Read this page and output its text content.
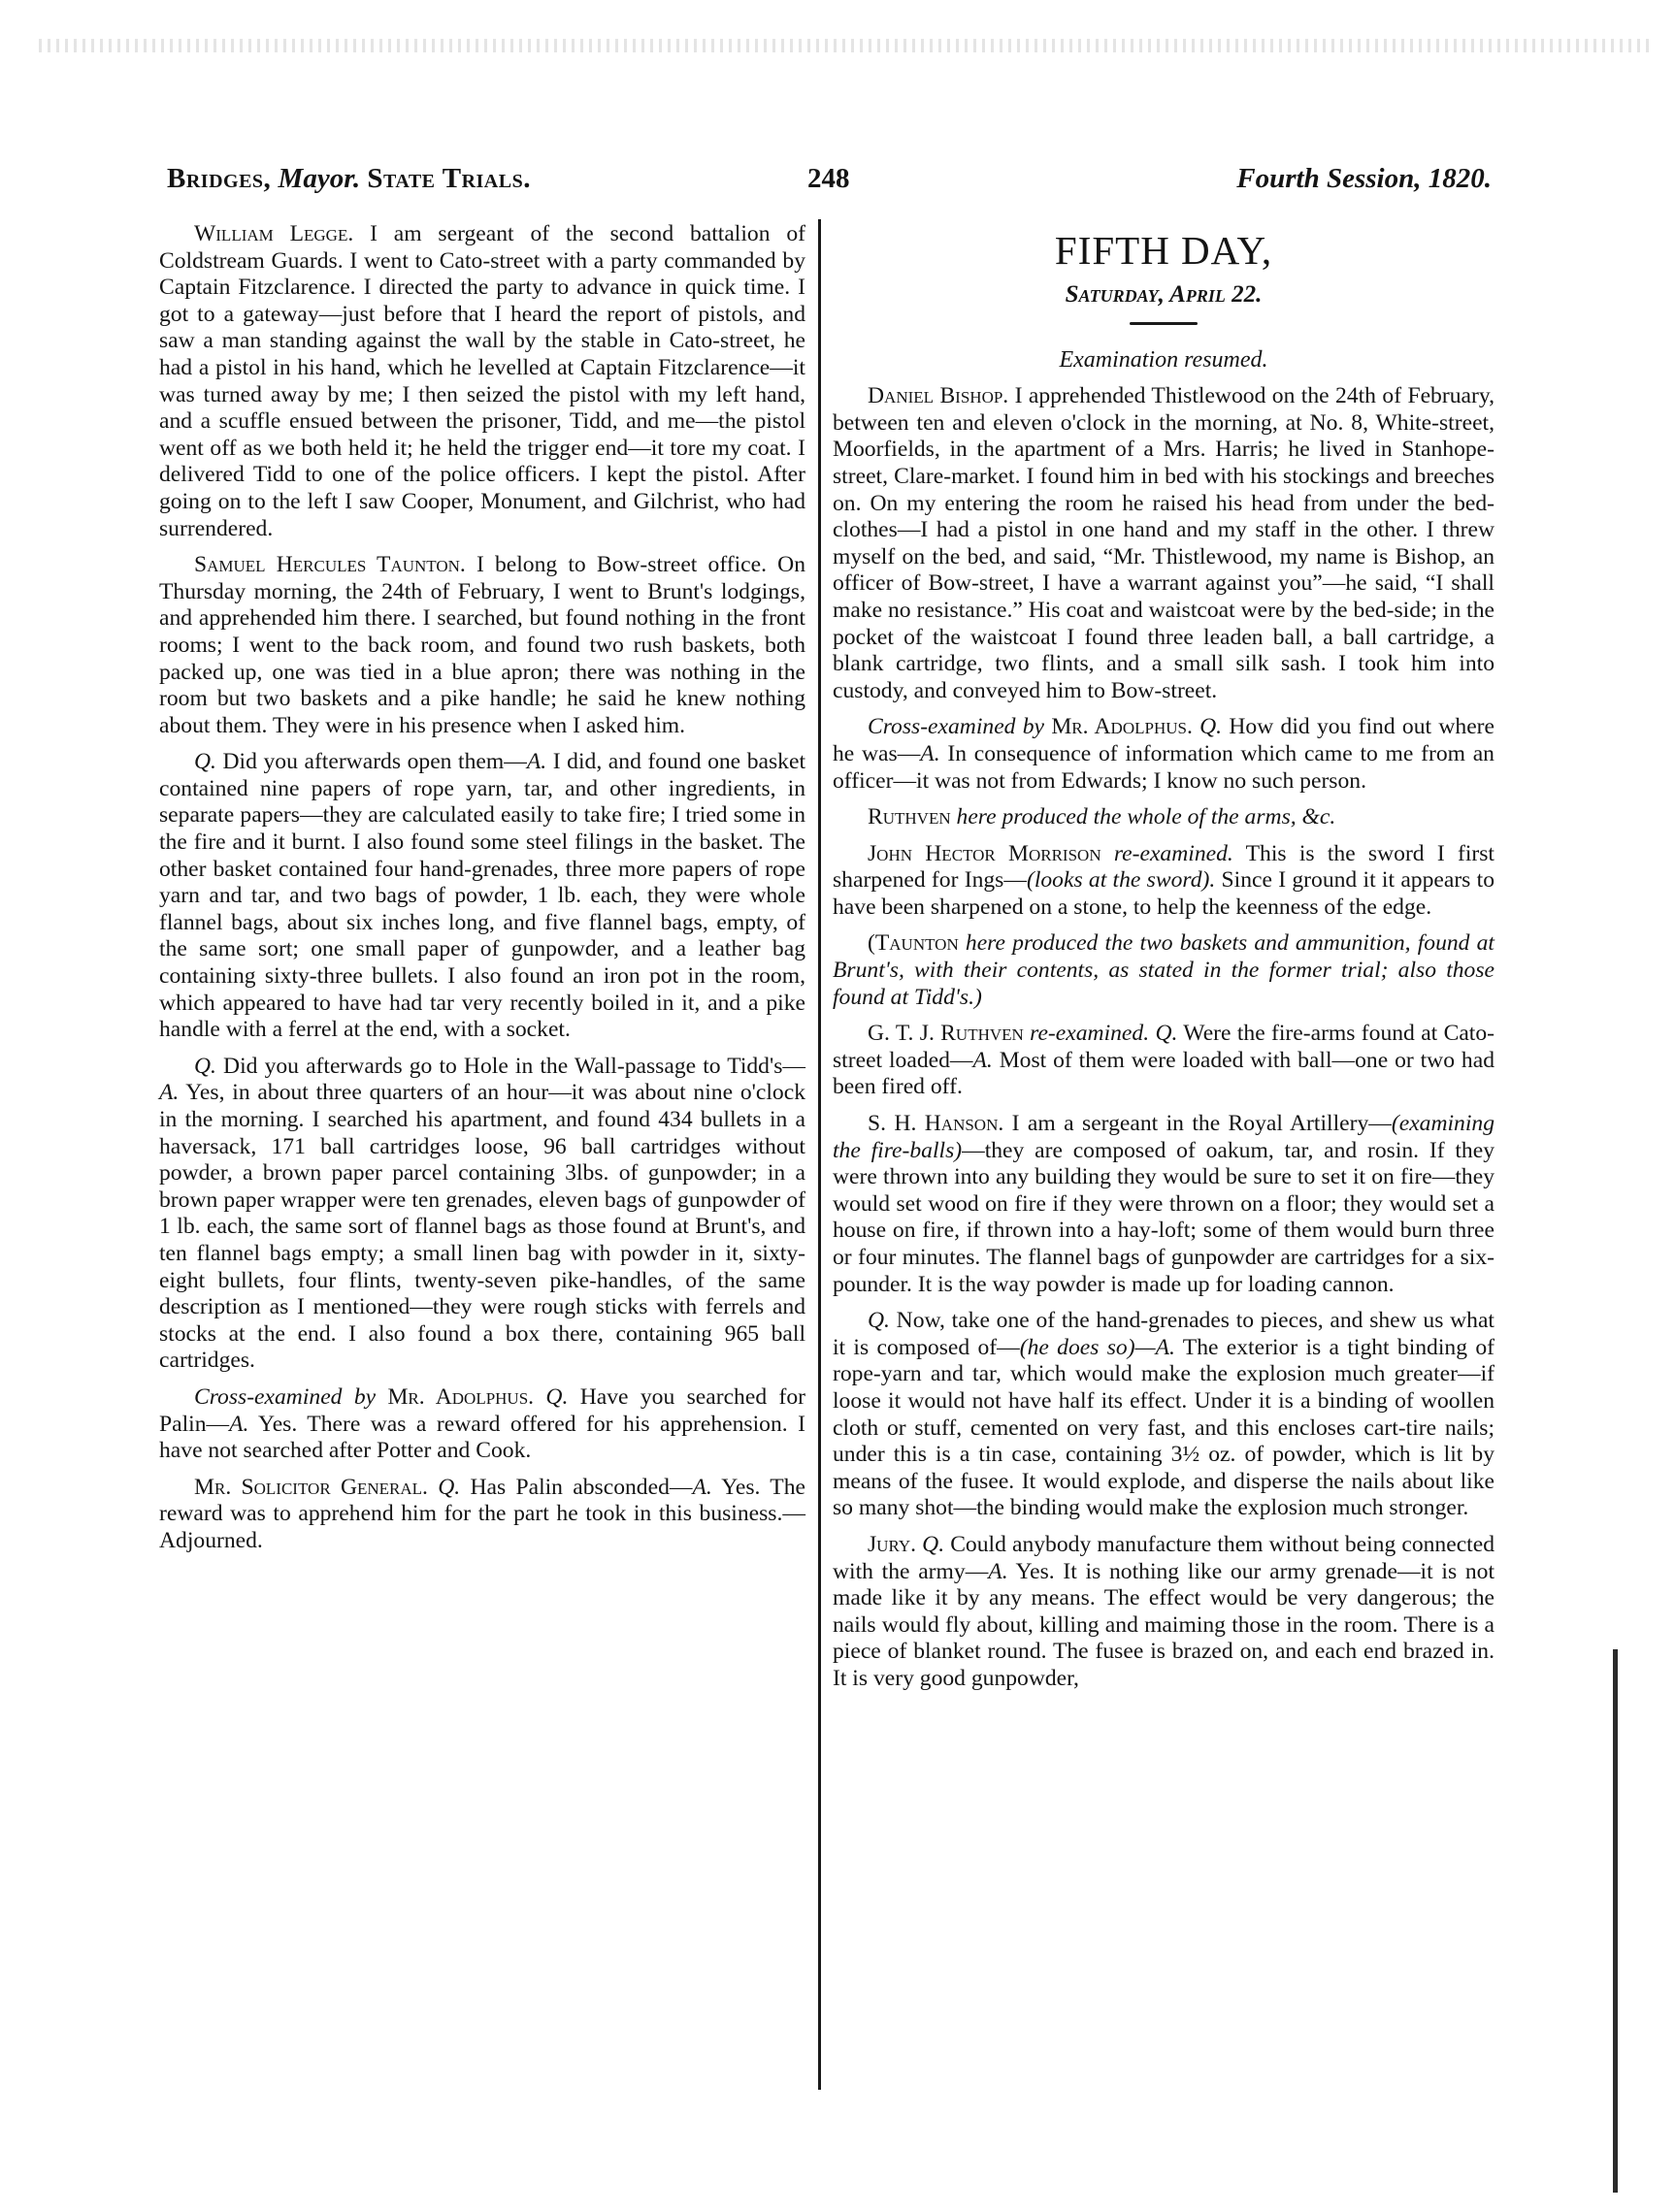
Bridges, Mayor. State Trials.	248	Fourth Session, 1820.

William Legge. I am sergeant of the second battalion of Coldstream Guards. I went to Cato-street with a party commanded by Captain Fitzclarence. I directed the party to advance in quick time. I got to a gateway—just before that I heard the report of pistols, and saw a man standing against the wall by the stable in Cato-street, he had a pistol in his hand, which he levelled at Captain Fitzclarence—it was turned away by me; I then seized the pistol with my left hand, and a scuffle ensued between the prisoner, Tidd, and me—the pistol went off as we both held it; he held the trigger end—it tore my coat. I delivered Tidd to one of the police officers. I kept the pistol. After going on to the left I saw Cooper, Monument, and Gilchrist, who had surrendered.

Samuel Hercules Taunton. I belong to Bow-street office. On Thursday morning, the 24th of February, I went to Brunt's lodgings, and apprehended him there. I searched, but found nothing in the front rooms; I went to the back room, and found two rush baskets, both packed up, one was tied in a blue apron; there was nothing in the room but two baskets and a pike handle; he said he knew nothing about them. They were in his presence when I asked him.

Q. Did you afterwards open them—A. I did, and found one basket contained nine papers of rope yarn, tar, and other ingredients, in separate papers—they are calculated easily to take fire; I tried some in the fire and it burnt. I also found some steel filings in the basket. The other basket contained four hand-grenades, three more papers of rope yarn and tar, and two bags of powder, 1 lb. each, they were whole flannel bags, about six inches long, and five flannel bags, empty, of the same sort; one small paper of gunpowder, and a leather bag containing sixty-three bullets. I also found an iron pot in the room, which appeared to have had tar very recently boiled in it, and a pike handle with a ferrel at the end, with a socket.

Q. Did you afterwards go to Hole in the Wall-passage to Tidd's—A. Yes, in about three quarters of an hour—it was about nine o'clock in the morning. I searched his apartment, and found 434 bullets in a haversack, 171 ball cartridges loose, 96 ball cartridges without powder, a brown paper parcel containing 3lbs. of gunpowder; in a brown paper wrapper were ten grenades, eleven bags of gunpowder of 1 lb. each, the same sort of flannel bags as those found at Brunt's, and ten flannel bags empty; a small linen bag with powder in it, sixty-eight bullets, four flints, twenty-seven pike-handles, of the same description as I mentioned—they were rough sticks with ferrels and stocks at the end. I also found a box there, containing 965 ball cartridges.

Cross-examined by Mr. Adolphus. Q. Have you searched for Palin—A. Yes. There was a reward offered for his apprehension. I have not searched after Potter and Cook.

Mr. Solicitor General. Q. Has Palin absconded—A. Yes. The reward was to apprehend him for the part he took in this business.—Adjourned.

FIFTH DAY,
Saturday, April 22.
Examination resumed.

Daniel Bishop. I apprehended Thistlewood on the 24th of February, between ten and eleven o'clock in the morning, at No. 8, White-street, Moorfields, in the apartment of a Mrs. Harris; he lived in Stanhope-street, Clare-market. I found him in bed with his stockings and breeches on. On my entering the room he raised his head from under the bed-clothes—I had a pistol in one hand and my staff in the other. I threw myself on the bed, and said, “Mr. Thistlewood, my name is Bishop, an officer of Bow-street, I have a warrant against you”—he said, “I shall make no resistance.” His coat and waistcoat were by the bed-side; in the pocket of the waistcoat I found three leaden ball, a ball cartridge, a blank cartridge, two flints, and a small silk sash. I took him into custody, and conveyed him to Bow-street.

Cross-examined by Mr. Adolphus. Q. How did you find out where he was—A. In consequence of information which came to me from an officer—it was not from Edwards; I know no such person.

Ruthven here produced the whole of the arms, &c.

John Hector Morrison re-examined. This is the sword I first sharpened for Ings—(looks at the sword). Since I ground it it appears to have been sharpened on a stone, to help the keenness of the edge.

(Taunton here produced the two baskets and ammunition, found at Brunt's, with their contents, as stated in the former trial; also those found at Tidd's.)

G. T. J. Ruthven re-examined. Q. Were the fire-arms found at Cato-street loaded—A. Most of them were loaded with ball—one or two had been fired off.

S. H. Hanson. I am a sergeant in the Royal Artillery—(examining the fire-balls)—they are composed of oakum, tar, and rosin. If they were thrown into any building they would be sure to set it on fire—they would set wood on fire if they were thrown on a floor; they would set a house on fire, if thrown into a hay-loft; some of them would burn three or four minutes. The flannel bags of gunpowder are cartridges for a six-pounder. It is the way powder is made up for loading cannon.

Q. Now, take one of the hand-grenades to pieces, and shew us what it is composed of—(he does so)—A. The exterior is a tight binding of rope-yarn and tar, which would make the explosion much greater—if loose it would not have half its effect. Under it is a binding of woollen cloth or stuff, cemented on very fast, and this encloses cart-tire nails; under this is a tin case, containing 3½ oz. of powder, which is lit by means of the fusee. It would explode, and disperse the nails about like so many shot—the binding would make the explosion much stronger.

Jury. Q. Could anybody manufacture them without being connected with the army—A. Yes. It is nothing like our army grenade—it is not made like it by any means. The effect would be very dangerous; the nails would fly about, killing and maiming those in the room. There is a piece of blanket round. The fusee is brazed on, and each end brazed in. It is very good gunpowder,
